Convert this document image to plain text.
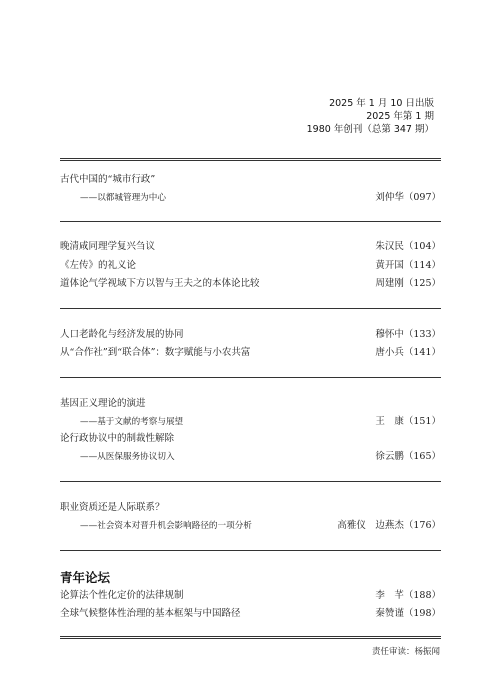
2025 年 1 月 10 日出版
2025 年第 1 期
1980 年创刊（总第 347 期）
古代中国的“城市行政”
——以都城管理为中心	刘仲华（097）
晚清咸同理学复兴刍议	朱汉民（104）
《左传》的礼义论	黄开国（114）
道体论气学视域下方以智与王夫之的本体论比较	周建刚（125）
人口老龄化与经济发展的协同	穆怀中（133）
从“合作社”到“联合体”：数字赋能与小农共富	唐小兵（141）
基因正义理论的演进
——基于文献的考察与展望	王　康（151）
论行政协议中的制裁性解除
——从医保服务协议切入	徐云鹏（165）
职业资质还是人际联系？
——社会资本对晋升机会影响路径的一项分析	高雅仪　边燕杰（176）
青年论坛
论算法个性化定价的法律规制	李　芊（188）
全球气候整体性治理的基本框架与中国路径	秦赞谨（198）
责任审读：杨振闻
